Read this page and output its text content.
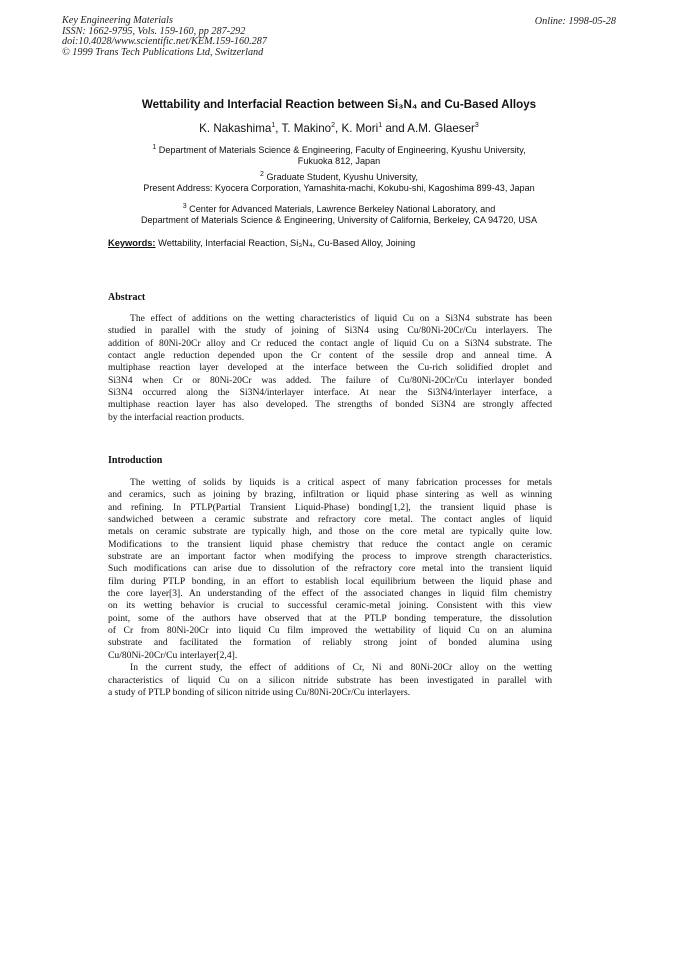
Key Engineering Materials
ISSN: 1662-9795, Vols. 159-160, pp 287-292
doi:10.4028/www.scientific.net/KEM.159-160.287
© 1999 Trans Tech Publications Ltd, Switzerland
Online: 1998-05-28
Wettability and Interfacial Reaction between Si₃N₄ and Cu-Based Alloys
K. Nakashima$^1$, T. Makino$^2$, K. Mori$^1$ and A.M. Glaeser$^3$
$^1$ Department of Materials Science & Engineering, Faculty of Engineering, Kyushu University,
Fukuoka 812, Japan
$^2$ Graduate Student, Kyushu University,
Present Address: Kyocera Corporation, Yamashita-machi, Kokubu-shi, Kagoshima 899-43, Japan
$^3$ Center for Advanced Materials, Lawrence Berkeley National Laboratory, and
Department of Materials Science & Engineering, University of California, Berkeley, CA 94720, USA
Keywords: Wettability, Interfacial Reaction, Si₃N₄, Cu-Based Alloy, Joining
Abstract
The effect of additions on the wetting characteristics of liquid Cu on a Si3N4 substrate has been
studied in parallel with the study of joining of Si3N4 using Cu/80Ni-20Cr/Cu interlayers. The
addition of 80Ni-20Cr alloy and Cr reduced the contact angle of liquid Cu on a Si3N4 substrate. The
contact angle reduction depended upon the Cr content of the sessile drop and anneal time. A
multiphase reaction layer developed at the interface between the Cu-rich solidified droplet and
Si3N4 when Cr or 80Ni-20Cr was added. The failure of Cu/80Ni-20Cr/Cu interlayer bonded
Si3N4 occurred along the Si3N4/interlayer interface. At near the Si3N4/interlayer interface, a
multiphase reaction layer has also developed. The strengths of bonded Si3N4 are strongly affected
by the interfacial reaction products.
Introduction
The wetting of solids by liquids is a critical aspect of many fabrication processes for metals
and ceramics, such as joining by brazing, infiltration or liquid phase sintering as well as winning
and refining. In PTLP(Partial Transient Liquid-Phase) bonding[1,2], the transient liquid phase is
sandwiched between a ceramic substrate and refractory core metal. The contact angles of liquid
metals on ceramic substrate are typically high, and those on the core metal are typically quite low.
Modifications to the transient liquid phase chemistry that reduce the contact angle on ceramic
substrate are an important factor when modifying the process to improve strength characteristics.
Such modifications can arise due to dissolution of the refractory core metal into the transient liquid
film during PTLP bonding, in an effort to establish local equilibrium between the liquid phase and
the core layer[3]. An understanding of the effect of the associated changes in liquid film chemistry
on its wetting behavior is crucial to successful ceramic-metal joining. Consistent with this view
point, some of the authors have observed that at the PTLP bonding temperature, the dissolution
of Cr from 80Ni-20Cr into liquid Cu film improved the wettability of liquid Cu on an alumina
substrate and facilitated the formation of reliably strong joint of bonded alumina using
Cu/80Ni-20Cr/Cu interlayer[2,4].
In the current study, the effect of additions of Cr, Ni and 80Ni-20Cr alloy on the wetting
characteristics of liquid Cu on a silicon nitride substrate has been investigated in parallel with
a study of PTLP bonding of silicon nitride using Cu/80Ni-20Cr/Cu interlayers.
